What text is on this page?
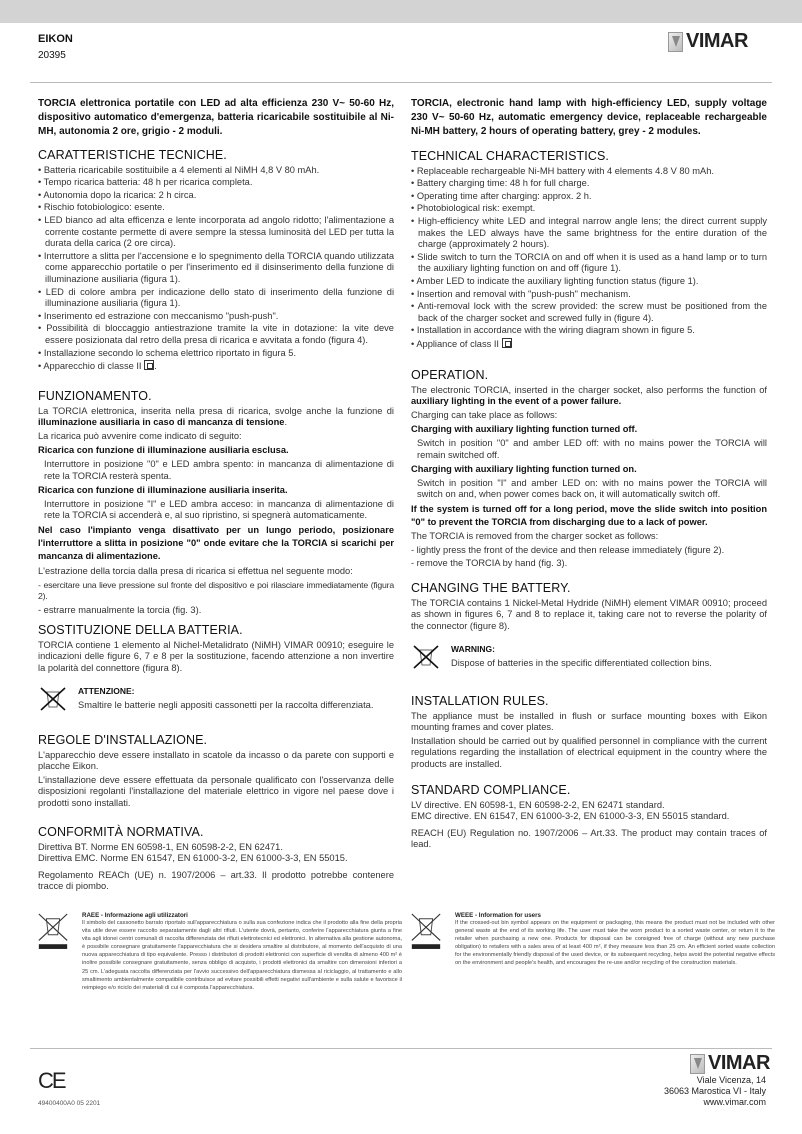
EIKON
20395
VIMAR

TORCIA elettronica portatile con LED ad alta efficienza 230 V~ 50-60 Hz, dispositivo automatico d'emergenza, batteria ricaricabile sostituibile al Ni-MH, autonomia 2 ore, grigio - 2 moduli.

CARATTERISTICHE TECNICHE.
• Batteria ricaricabile sostituibile a 4 elementi al NiMH 4,8 V 80 mAh.
• Tempo ricarica batteria: 48 h per ricarica completa.
• Autonomia dopo la ricarica: 2 h circa.
• Rischio fotobiologico: esente.
• LED bianco ad alta efficenza e lente incorporata ad angolo ridotto; l'alimentazione a corrente costante permette di avere sempre la stessa luminosità del LED per tutta la durata della carica (2 ore circa).
• Interruttore a slitta per l'accensione e lo spegnimento della TORCIA quando utilizzata come apparecchio portatile o per l'inserimento ed il disinserimento della funzione di illuminazione ausiliaria (figura 1).
• LED di colore ambra per indicazione dello stato di inserimento della funzione di illuminazione ausiliaria (figura 1).
• Inserimento ed estrazione con meccanismo "push-push".
• Possibilità di bloccaggio antiestrazione tramite la vite in dotazione: la vite deve essere posizionata dal retro della presa di ricarica e avvitata a fondo (figura 4).
• Installazione secondo lo schema elettrico riportato in figura 5.
• Apparecchio di classe II .
FUNZIONAMENTO.

La TORCIA elettronica, inserita nella presa di ricarica, svolge anche la funzione di illuminazione ausiliaria in caso di mancanza di tensione.

La ricarica può avvenire come indicato di seguito:

Ricarica con funzione di illuminazione ausiliaria esclusa.

Interruttore in posizione "0" e LED ambra spento: in mancanza di alimentazione di rete la TORCIA resterà spenta.

Ricarica con funzione di illuminazione ausiliaria inserita.

Interruttore in posizione "I" e LED ambra acceso: in mancanza di alimentazione di rete la TORCIA si accenderà e, al suo ripristino, si spegnerà automaticamente.

Nel caso l'impianto venga disattivato per un lungo periodo, posizionare l'interruttore a slitta in posizione "0" onde evitare che la TORCIA si scarichi per mancanza di alimentazione.

L'estrazione della torcia dalla presa di ricarica si effettua nel seguente modo:

- esercitare una lieve pressione sul fronte del dispositivo e poi rilasciare immediatamente (figura 2).

- estrarre manualmente la torcia (fig. 3).

SOSTITUZIONE DELLA BATTERIA.

TORCIA contiene 1 elemento al Nichel-Metalidrato (NiMH) VIMAR 00910; eseguire le indicazioni delle figure 6, 7 e 8 per la sostituzione, facendo attenzione a non invertire la polarità del connettore (figura 8).

ATTENZIONE:

Smaltire le batterie negli appositi cassonetti per la raccolta differenziata.

REGOLE D'INSTALLAZIONE.

L'apparecchio deve essere installato in scatole da incasso o da parete con supporti e placche Eikon.

L'installazione deve essere effettuata da personale qualificato con l'osservanza delle disposizioni regolanti l'installazione del materiale elettrico in vigore nel paese dove i prodotti sono installati.

CONFORMITÀ NORMATIVA.

Direttiva BT. Norme EN 60598-1, EN 60598-2-2, EN 62471.

Direttiva EMC. Norme EN 61547, EN 61000-3-2, EN 61000-3-3, EN 55015.

Regolamento REACh (UE) n. 1907/2006 – art.33. Il prodotto potrebbe contenere tracce di piombo.

RAEE - Informazione agli utilizzatori
Il simbolo del cassonetto barrato riportato sull'apparecchiatura o sulla sua confezione indica che il prodotto alla fine della propria vita utile deve essere raccolto separatamente dagli altri rifiuti. L'utente dovrà, pertanto, conferire l'apparecchiatura giunta a fine vita agli idonei centri comunali di raccolta differenziata dei rifiuti elettrotecnici ed elettronici. In alternativa alla gestione autonoma, è possibile consegnare gratuitamente l'apparecchiatura che si desidera smaltire al distributore, al momento dell'acquisto di una nuova apparecchiatura di tipo equivalente. Presso i distributori di prodotti elettronici con superficie di vendita di almeno 400 m² è inoltre possibile consegnare gratuitamente, senza obbligo di acquisto, i prodotti elettronici da smaltire con dimensioni inferiori a 25 cm. L'adeguata raccolta differenziata per l'avvio successivo dell'apparecchiatura dismessa al riciclaggio, al trattamento e allo smaltimento ambientalmente compatibile contribuisce ad evitare possibili effetti negativi sull'ambiente e sulla salute e favorisce il reimpiego e/o riciclo dei materiali di cui è composta l'apparecchiatura.

TORCIA, electronic hand lamp with high-efficiency LED, supply voltage 230 V~ 50-60 Hz, automatic emergency device, replaceable rechargeable Ni-MH battery, 2 hours of operating battery, grey - 2 modules.

TECHNICAL CHARACTERISTICS.
• Replaceable rechargeable Ni-MH battery with 4 elements 4.8 V 80 mAh.
• Battery charging time: 48 h for full charge.
• Operating time after charging: approx. 2 h.
• Photobiological risk: exempt.
• High-efficiency white LED and integral narrow angle lens; the direct current supply makes the LED always have the same brightness for the entire duration of the charge (approximately 2 hours).
• Slide switch to turn the TORCIA on and off when it is used as a hand lamp or to turn the auxiliary lighting function on and off (figure 1).
• Amber LED to indicate the auxiliary lighting function status (figure 1).
• Insertion and removal with "push-push" mechanism.
• Anti-removal lock with the screw provided: the screw must be positioned from the back of the charger socket and screwed fully in (figure 4).
• Installation in accordance with the wiring diagram shown in figure 5.
• Appliance of class II
OPERATION.

The electronic TORCIA, inserted in the charger socket, also performs the function of auxiliary lighting in the event of a power failure.

Charging can take place as follows:

Charging with auxiliary lighting function turned off.

Switch in position "0" and amber LED off: with no mains power the TORCIA will remain switched off.

Charging with auxiliary lighting function turned on.

Switch in position "I" and amber LED on: with no mains power the TORCIA will switch on and, when power comes back on, it will automatically switch off.

If the system is turned off for a long period, move the slide switch into position "0" to prevent the TORCIA from discharging due to a lack of power.

The TORCIA is removed from the charger socket as follows:

- lightly press the front of the device and then release immediately (figure 2).

- remove the TORCIA by hand (fig. 3).

CHANGING THE BATTERY.

The TORCIA contains 1 Nickel-Metal Hydride (NiMH) element VIMAR 00910; proceed as shown in figures 6, 7 and 8 to replace it, taking care not to reverse the polarity of the connector (figure 8).

WARNING:

Dispose of batteries in the specific differentiated collection bins.

INSTALLATION RULES.

The appliance must be installed in flush or surface mounting boxes with Eikon mounting frames and cover plates.

Installation should be carried out by qualified personnel in compliance with the current regulations regarding the installation of electrical equipment in the country where the products are installed.

STANDARD COMPLIANCE.

LV directive. EN 60598-1, EN 60598-2-2, EN 62471 standard.

EMC directive. EN 61547, EN 61000-3-2, EN 61000-3-3, EN 55015 standard.

REACH (EU) Regulation no. 1907/2006 – Art.33. The product may contain traces of lead.

WEEE - Information for users
If the crossed-out bin symbol appears on the equipment or packaging, this means the product must not be included with other general waste at the end of its working life. The user must take the worn product to a sorted waste center, or return it to the retailer when purchasing a new one. Products for disposal can be consigned free of charge (without any new purchase obligation) to retailers with a sales area of at least 400 m², if they measure less than 25 cm. An efficient sorted waste collection for the environmentally friendly disposal of the used device, or its subsequent recycling, helps avoid the potential negative effects on the environment and people's health, and encourages the re-use and/or recycling of the construction materials.
CE
49400400A0 05 2201
VIMAR
Viale Vicenza, 14
36063 Marostica VI - Italy
www.vimar.com
